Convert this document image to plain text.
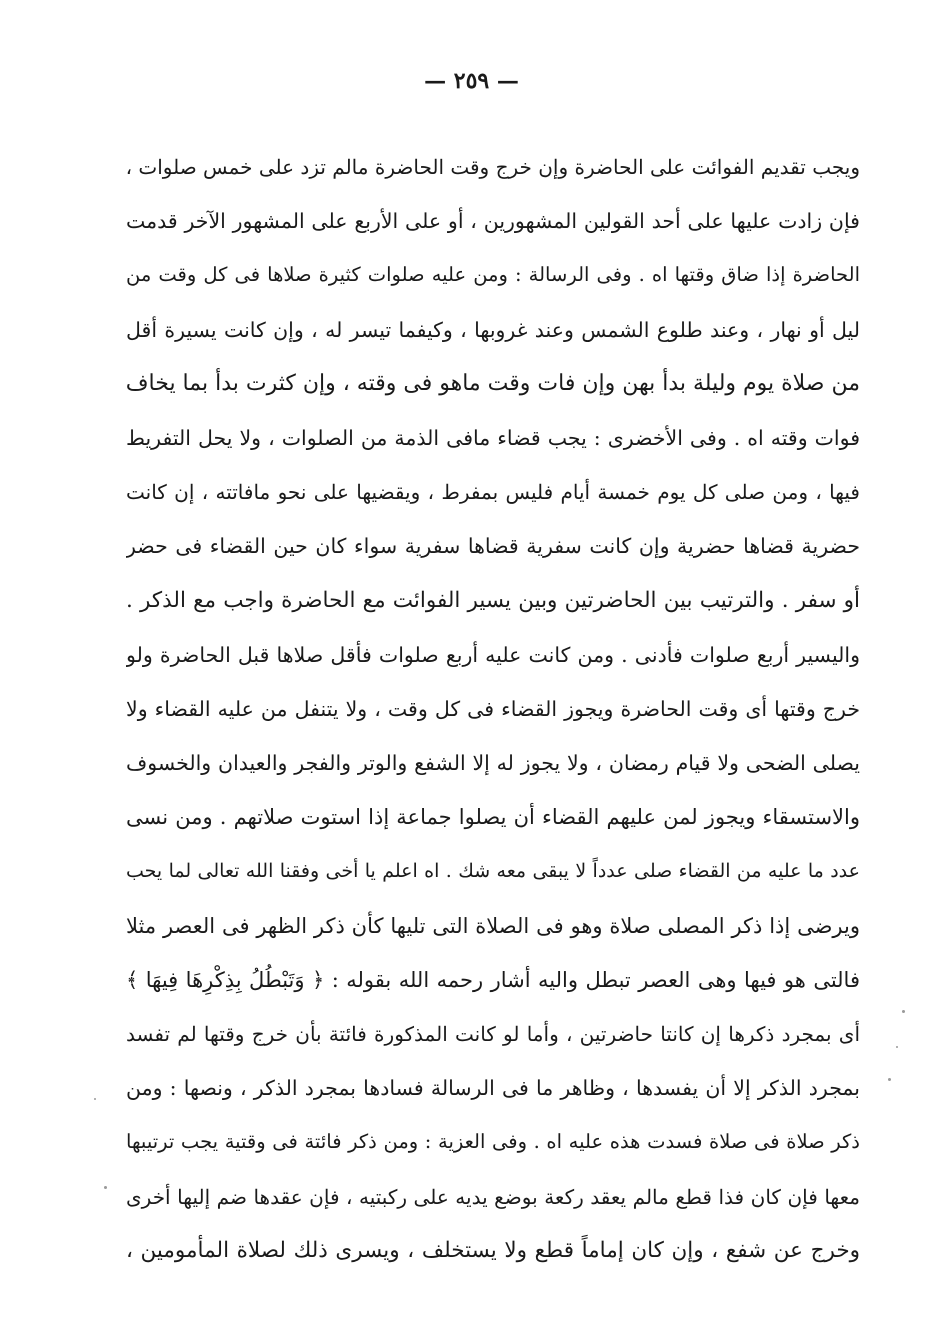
— ٢٥٩ —
ويجب تقديم الفوائت على الحاضرة وإن خرج وقت الحاضرة مالم تزد على خمس صلوات ،
فإن زادت عليها على أحد القولين المشهورين ، أو على الأربع على المشهور الآخر قدمت
الحاضرة إذا ضاق وقتها اه . وفى الرسالة : ومن عليه صلوات كثيرة صلاها فى كل وقت من
ليل أو نهار ، وعند طلوع الشمس وعند غروبها ، وكيفما تيسر له ، وإن كانت يسيرة أقل
من صلاة يوم وليلة بدأ بهن وإن فات وقت ماهو فى وقته ، وإن كثرت بدأ بما يخاف
فوات وقته اه . وفى الأخضرى : يجب قضاء مافى الذمة من الصلوات ، ولا يحل التفريط
فيها ، ومن صلى كل يوم خمسة أيام فليس بمفرط ، ويقضيها على نحو مافاتته ، إن كانت
حضرية قضاها حضرية وإن كانت سفرية قضاها سفرية سواء كان حين القضاء فى حضر
أو سفر . والترتيب بين الحاضرتين وبين يسير الفوائت مع الحاضرة واجب مع الذكر .
واليسير أربع صلوات فأدنى . ومن كانت عليه أربع صلوات فأقل صلاها قبل الحاضرة ولو
خرج وقتها أى وقت الحاضرة ويجوز القضاء فى كل وقت ، ولا يتنفل من عليه القضاء ولا
يصلى الضحى ولا قيام رمضان ، ولا يجوز له إلا الشفع والوتر والفجر والعيدان والخسوف
والاستسقاء ويجوز لمن عليهم القضاء أن يصلوا جماعة إذا استوت صلاتهم . ومن نسى
عدد ما عليه من القضاء صلى عدداً لا يبقى معه شك . اه اعلم يا أخى وفقنا الله تعالى لما يحب
ويرضى إذا ذكر المصلى صلاة وهو فى الصلاة التى تليها كأن ذكر الظهر فى العصر مثلا
فالتى هو فيها وهى العصر تبطل واليه أشار رحمه الله بقوله : ﴿ وَتَبْطُلُ بِذِكْرِهَا فِيهَا ﴾
أى بمجرد ذكرها إن كانتا حاضرتين ، وأما لو كانت المذكورة فائتة بأن خرج وقتها لم تفسد
بمجرد الذكر إلا أن يفسدها ، وظاهر ما فى الرسالة فسادها بمجرد الذكر ، ونصها : ومن
ذكر صلاة فى صلاة فسدت هذه عليه اه . وفى العزية : ومن ذكر فائتة فى وقتية يجب ترتيبها
معها فإن كان فذا قطع مالم يعقد ركعة بوضع يديه على ركبتيه ، فإن عقدها ضم إليها أخرى
وخرج عن شفع ، وإن كان إماماً قطع ولا يستخلف ، ويسرى ذلك لصلاة المأمومين ،
